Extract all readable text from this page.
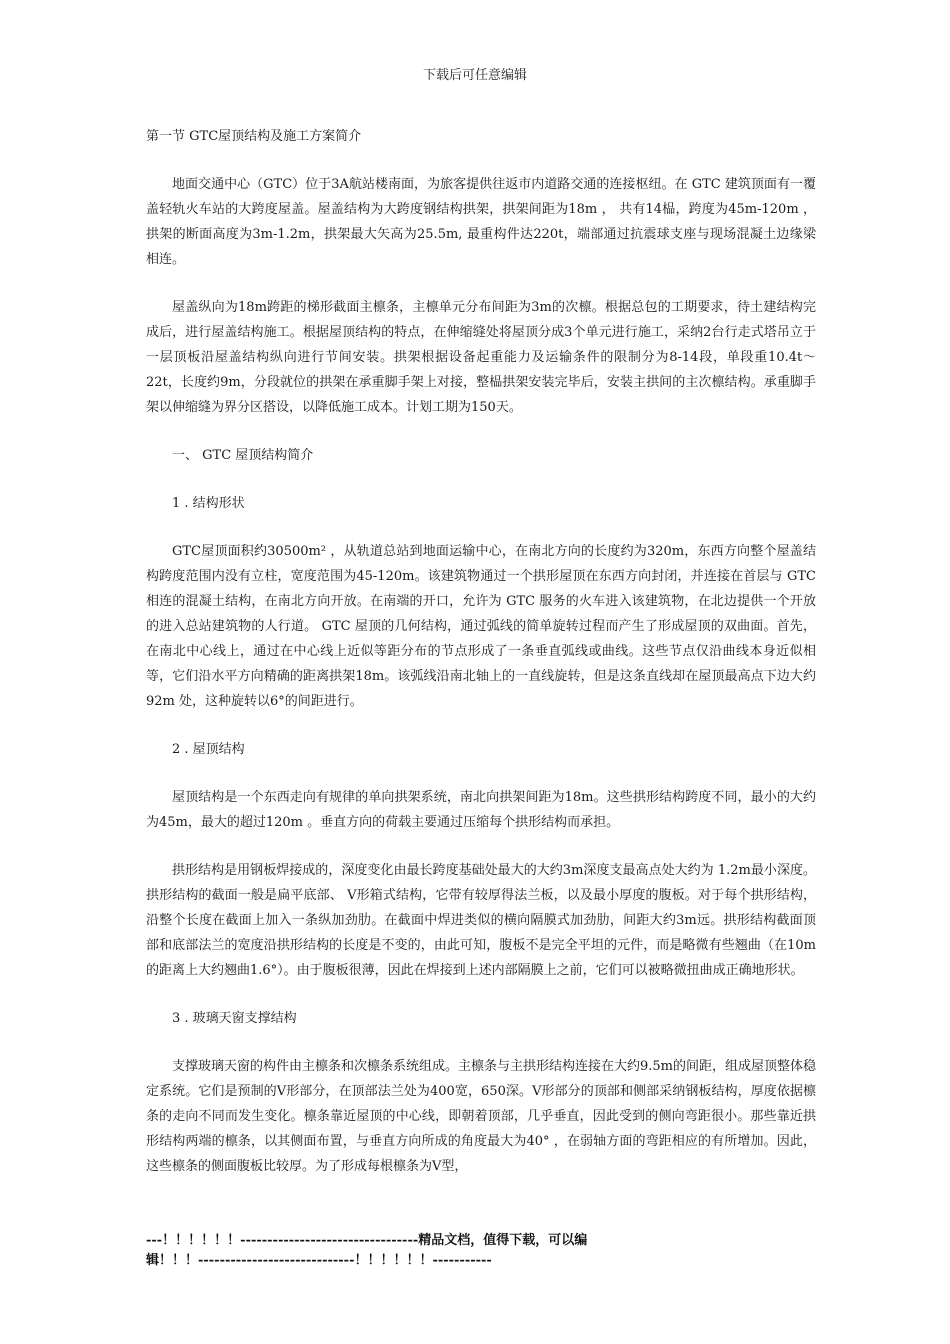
下载后可任意编辑

第一节 GTC屋顶结构及施工方案简介

地面交通中心（GTC）位于3A航站楼南面，为旅客提供往返市内道路交通的连接枢纽。在 GTC 建筑顶面有一覆盖轻轨火车站的大跨度屋盖。屋盖结构为大跨度钢结构拱架，拱架间距为18m ， 共有14榀，跨度为45m-120m ，拱架的断面高度为3m-1.2m，拱架最大矢高为25.5m, 最重构件达220t，端部通过抗震球支座与现场混凝土边缘梁相连。

屋盖纵向为18m跨距的梯形截面主檩条，主檩单元分布间距为3m的次檩。根据总包的工期要求，待土建结构完成后，进行屋盖结构施工。根据屋顶结构的特点，在伸缩缝处将屋顶分成3个单元进行施工，采纳2台行走式塔吊立于一层顶板沿屋盖结构纵向进行节间安装。拱架根据设备起重能力及运输条件的限制分为8-14段，单段重10.4t～22t，长度约9m，分段就位的拱架在承重脚手架上对接，整榀拱架安装完毕后，安装主拱间的主次檩结构。承重脚手架以伸缩缝为界分区搭设，以降低施工成本。计划工期为150天。

一、 GTC 屋顶结构简介

1 . 结构形状

GTC屋顶面积约30500m² ，从轨道总站到地面运输中心，在南北方向的长度约为320m，东西方向整个屋盖结构跨度范围内没有立柱，宽度范围为45-120m。该建筑物通过一个拱形屋顶在东西方向封闭，并连接在首层与 GTC 相连的混凝土结构，在南北方向开放。在南端的开口，允许为 GTC 服务的火车进入该建筑物，在北边提供一个开放的进入总站建筑物的人行道。 GTC 屋顶的几何结构，通过弧线的简单旋转过程而产生了形成屋顶的双曲面。首先，在南北中心线上，通过在中心线上近似等距分布的节点形成了一条垂直弧线或曲线。这些节点仅沿曲线本身近似相等，它们沿水平方向精确的距离拱架18m。该弧线沿南北轴上的一直线旋转，但是这条直线却在屋顶最高点下边大约92m 处，这种旋转以6°的间距进行。

2 . 屋顶结构

屋顶结构是一个东西走向有规律的单向拱架系统，南北向拱架间距为18m。这些拱形结构跨度不同，最小的大约为45m，最大的超过120m 。垂直方向的荷载主要通过压缩每个拱形结构而承担。

拱形结构是用钢板焊接成的，深度变化由最长跨度基础处最大的大约3m深度支最高点处大约为 1.2m最小深度。拱形结构的截面一般是扁平底部、 V形箱式结构，它带有较厚得法兰板，以及最小厚度的腹板。对于每个拱形结构，沿整个长度在截面上加入一条纵加劲肋。在截面中焊进类似的横向隔膜式加劲肋，间距大约3m远。拱形结构截面顶部和底部法兰的宽度沿拱形结构的长度是不变的，由此可知，腹板不是完全平坦的元件，而是略微有些翘曲（在10m的距离上大约翘曲1.6°）。由于腹板很薄，因此在焊接到上述内部隔膜上之前，它们可以被略微扭曲成正确地形状。

3 . 玻璃天窗支撑结构

支撑玻璃天窗的构件由主檩条和次檩条系统组成。主檩条与主拱形结构连接在大约9.5m的间距，组成屋顶整体稳定系统。它们是预制的V形部分，在顶部法兰处为400宽，650深。V形部分的顶部和侧部采纳钢板结构，厚度依据檩条的走向不同而发生变化。檩条靠近屋顶的中心线，即朝着顶部，几乎垂直，因此受到的侧向弯距很小。那些靠近拱形结构两端的檩条，以其侧面布置，与垂直方向所成的角度最大为40° ，在弱轴方面的弯距相应的有所增加。因此，这些檩条的侧面腹板比较厚。为了形成每根檩条为V型，

---！！！！！！---------------------------------精品文档，值得下载，可以编辑！！！-----------------------------！！！！！！-----------
